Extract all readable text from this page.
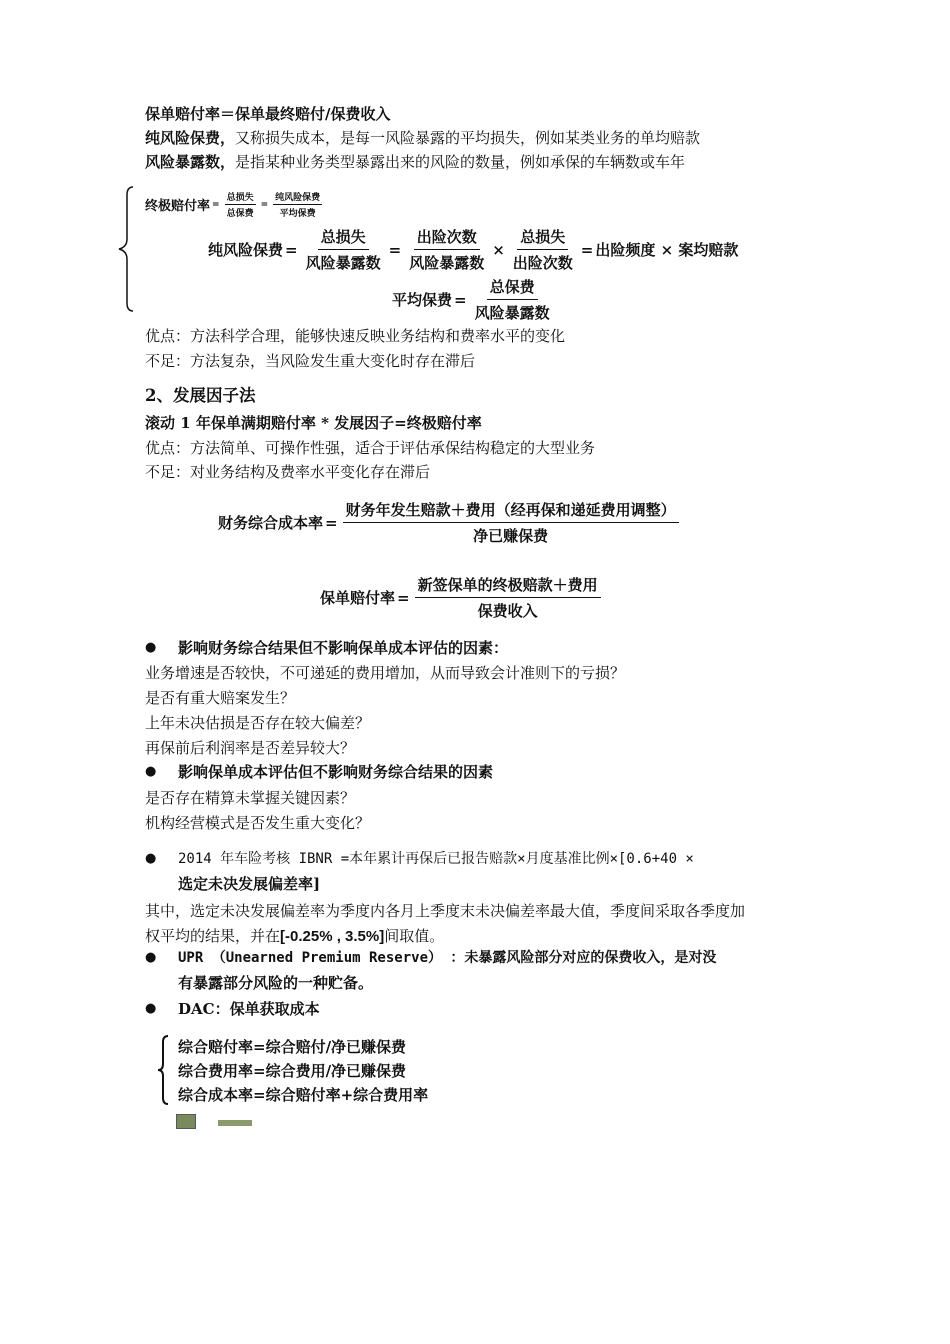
保单赔付率＝保单最终赔付/保费收入
纯风险保费，又称损失成本，是每一风险暴露的平均损失，例如某类业务的单均赔款
风险暴露数，是指某种业务类型暴露出来的风险的数量，例如承保的车辆数或车年
终极赔付率 = $\frac{\text{总损失}}{\text{总保费}} = \frac{\text{纯风险保费}}{\text{平均保费}}$
纯风险保费 = $\frac{\text{总损失}}{\text{风险暴露数}} = \frac{\text{出险次数}}{\text{风险暴露数}} \times \frac{\text{总损失}}{\text{出险次数}}$ = 出险频度 × 案均赔款
平均保费 = $\frac{\text{总保费}}{\text{风险暴露数}}$
优点：方法科学合理，能够快速反映业务结构和费率水平的变化
不足：方法复杂，当风险发生重大变化时存在滞后
2、发展因子法
滚动 1 年保单满期赔付率 * 发展因子=终极赔付率
优点：方法简单、可操作性强，适合于评估承保结构稳定的大型业务
不足：对业务结构及费率水平变化存在滞后
财务综合成本率 = $\frac{\text{财务年发生赔款＋费用（经再保和递延费用调整）}}{\text{净已赚保费}}$
保单赔付率 = $\frac{\text{新签保单的终极赔款＋费用}}{\text{保费收入}}$
● 影响财务综合结果但不影响保单成本评估的因素：
业务增速是否较快，不可递延的费用增加，从而导致会计准则下的亏损？
是否有重大赔案发生？
上年未决估损是否存在较大偏差？
再保前后利润率是否差异较大？
● 影响保单成本评估但不影响财务综合结果的因素
是否存在精算未掌握关键因素？
机构经营模式是否发生重大变化？
● 2014 年车险考核 IBNR =本年累计再保后已报告赔款×月度基准比例×[0.6+40 ×
选定未决发展偏差率]
其中，选定未决发展偏差率为季度内各月上季度末未决偏差率最大值，季度间采取各季度加
权平均的结果，并在[-0.25% , 3.5%]间取值。
● UPR （Unearned Premium Reserve） ：未暴露风险部分对应的保费收入，是对没
有暴露部分风险的一种贮备。
● DAC：保单获取成本
综合赔付率=综合赔付/净已赚保费
综合费用率=综合费用/净已赚保费
综合成本率=综合赔付率+综合费用率
